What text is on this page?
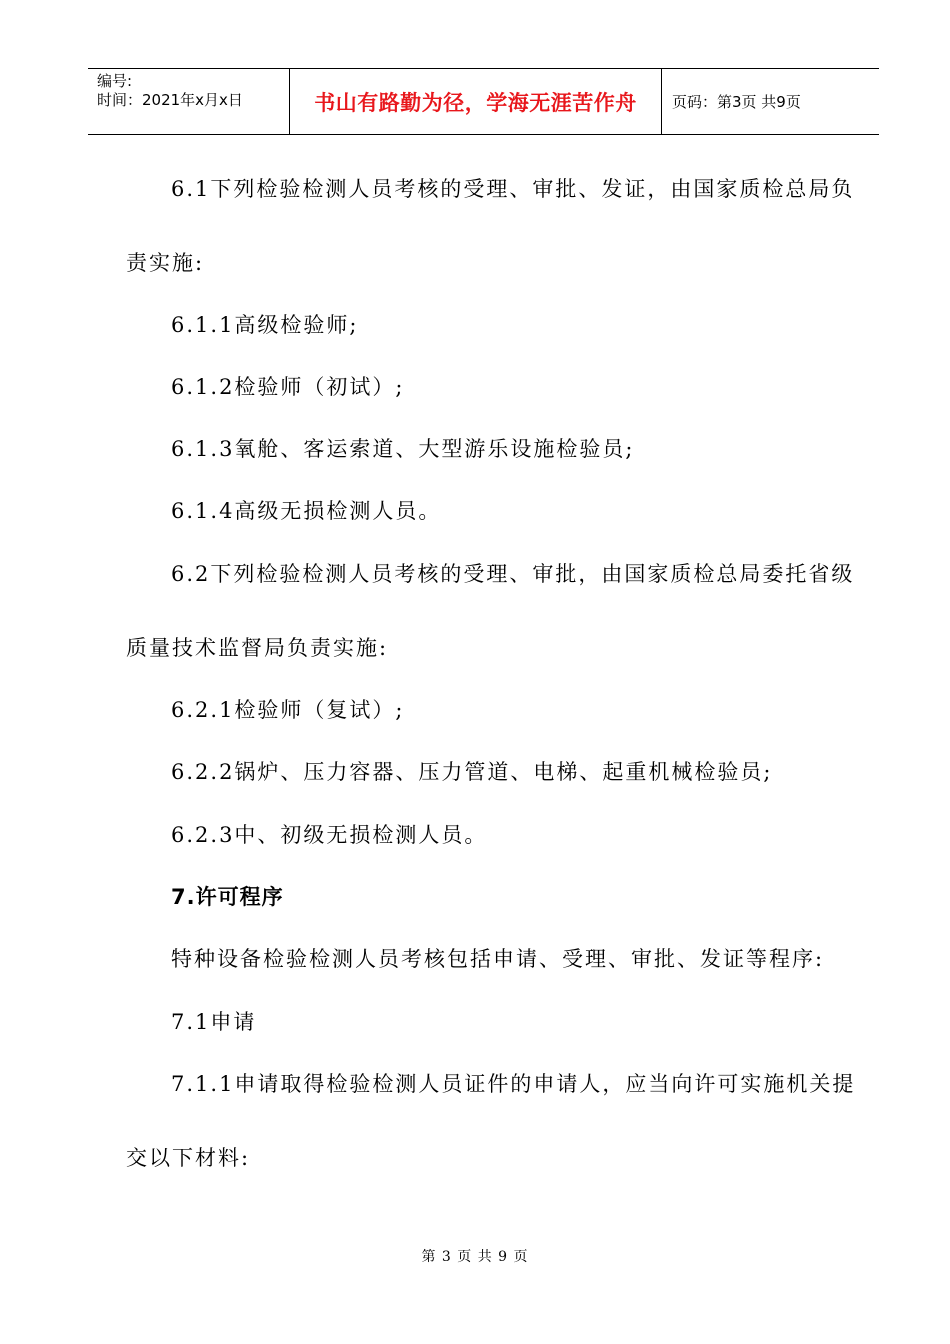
编号:
时间：2021年x月x日	书山有路勤为径，学海无涯苦作舟	页码：第3页 共9页
6.1下列检验检测人员考核的受理、审批、发证，由国家质检总局负
责实施:
6.1.1高级检验师;
6.1.2检验师（初试）;
6.1.3氧舱、客运索道、大型游乐设施检验员;
6.1.4高级无损检测人员。
6.2下列检验检测人员考核的受理、审批，由国家质检总局委托省级
质量技术监督局负责实施:
6.2.1检验师（复试）;
6.2.2锅炉、压力容器、压力管道、电梯、起重机械检验员;
6.2.3中、初级无损检测人员。
7.许可程序
特种设备检验检测人员考核包括申请、受理、审批、发证等程序:
7.1申请
7.1.1申请取得检验检测人员证件的申请人，应当向许可实施机关提
交以下材料:
第 3 页 共 9 页
